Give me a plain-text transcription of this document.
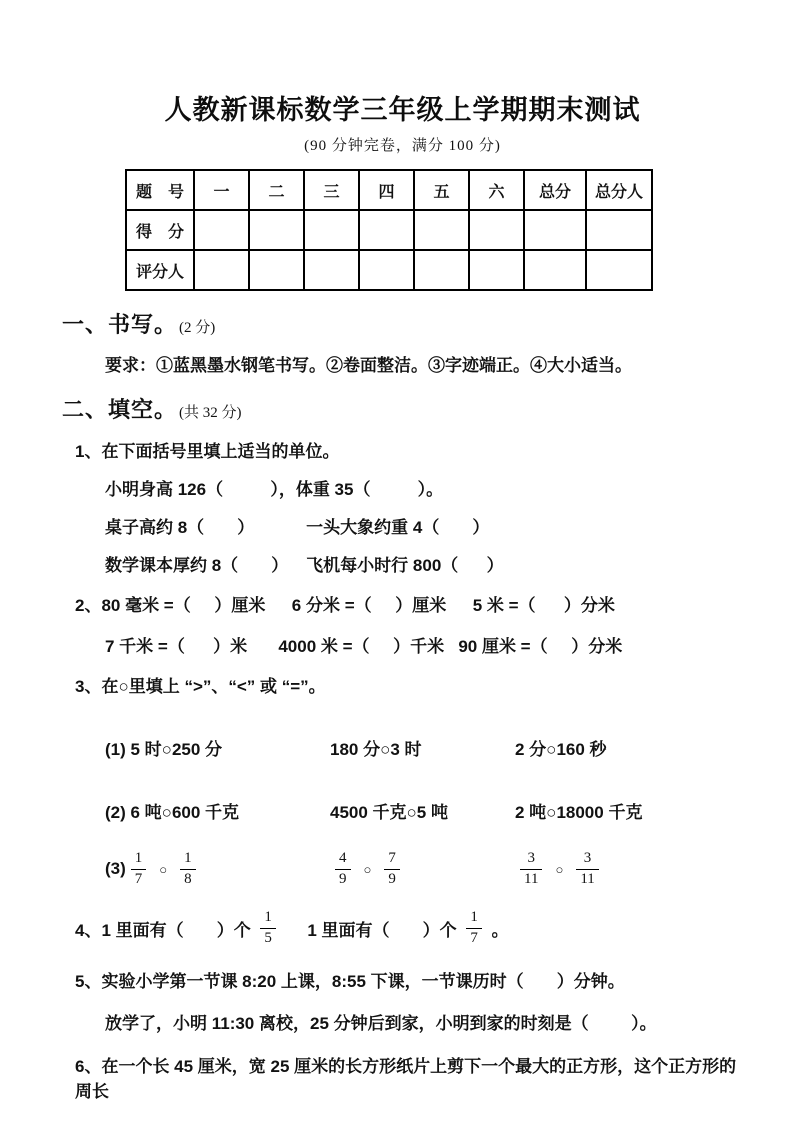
人教新课标数学三年级上学期期末测试
(90 分钟完卷，满分 100 分)
题　号	一	二	三	四	五	六	总分	总分人
得　分								
评分人								
一、书写。 (2 分)
要求：①蓝黑墨水钢笔书写。②卷面整洁。③字迹端正。④大小适当。
二、填空。 (共 32 分)
1、在下面括号里填上适当的单位。
小明身高 126（          ），体重 35（          ）。
桌子高约 8（       ）　　　  一头大象约重 4（       ）
数学课本厚约 8（       ）　  飞机每小时行 800（      ）
2、80 毫米 =（     ）厘米　  6 分米 =（     ）厘米　  5 米 =（      ）分米
7 千米 =（      ）米　   4000 米 =（     ）千米   90 厘米 =（     ）分米
3、在○里填上 “>”、“<” 或 “=”。
(1) 5 时○250 分	180 分○3 时	2 分○160 秒
(2) 6 吨○600 千克	4500 千克○5 吨	2 吨○18000 千克
$(3) \frac{1}{7}$ ○ $\frac{1}{8}$	$\frac{4}{9}$ ○ $\frac{7}{9}$	$\frac{3}{11}$ ○ $\frac{3}{11}$
4、1 里面有（       ）个 $\frac{1}{5}$ 　  1 里面有（       ）个 $\frac{1}{7}$ 。
5、实验小学第一节课 8:20 上课，8:55 下课，一节课历时（       ）分钟。
放学了，小明 11:30 离校，25 分钟后到家，小明到家的时刻是（         ）。
6、在一个长 45 厘米，宽 25 厘米的长方形纸片上剪下一个最大的正方形，这个正方形的周长
